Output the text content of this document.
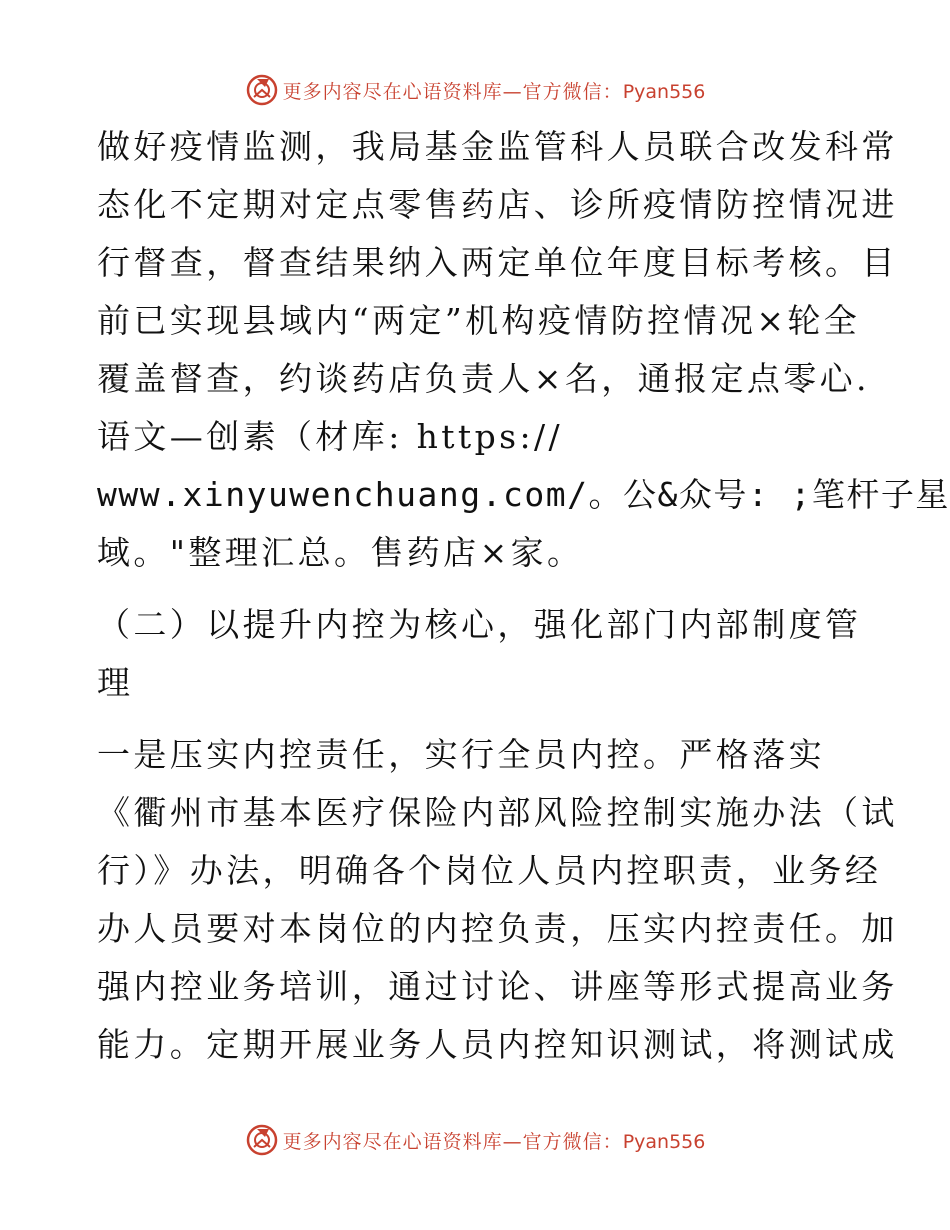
更多内容尽在心语资料库—官方微信：Pyan556
做好疫情监测，我局基金监管科人员联合改发科常
态化不定期对定点零售药店、诊所疫情防控情况进
行督查，督查结果纳入两定单位年度目标考核。目
前已实现县域内“两定”机构疫情防控情况×轮全
覆盖督查，约谈药店负责人×名，通报定点零心.
语文—创素（材库: https://
www.xinyuwenchuang.com/。公&众号: ;笔杆子星
域。"整理汇总。售药店×家。
（二）以提升内控为核心，强化部门内部制度管
理
一是压实内控责任，实行全员内控。严格落实
《衢州市基本医疗保险内部风险控制实施办法（试
行）》办法，明确各个岗位人员内控职责，业务经
办人员要对本岗位的内控负责，压实内控责任。加
强内控业务培训，通过讨论、讲座等形式提高业务
能力。定期开展业务人员内控知识测试，将测试成
更多内容尽在心语资料库—官方微信：Pyan556
